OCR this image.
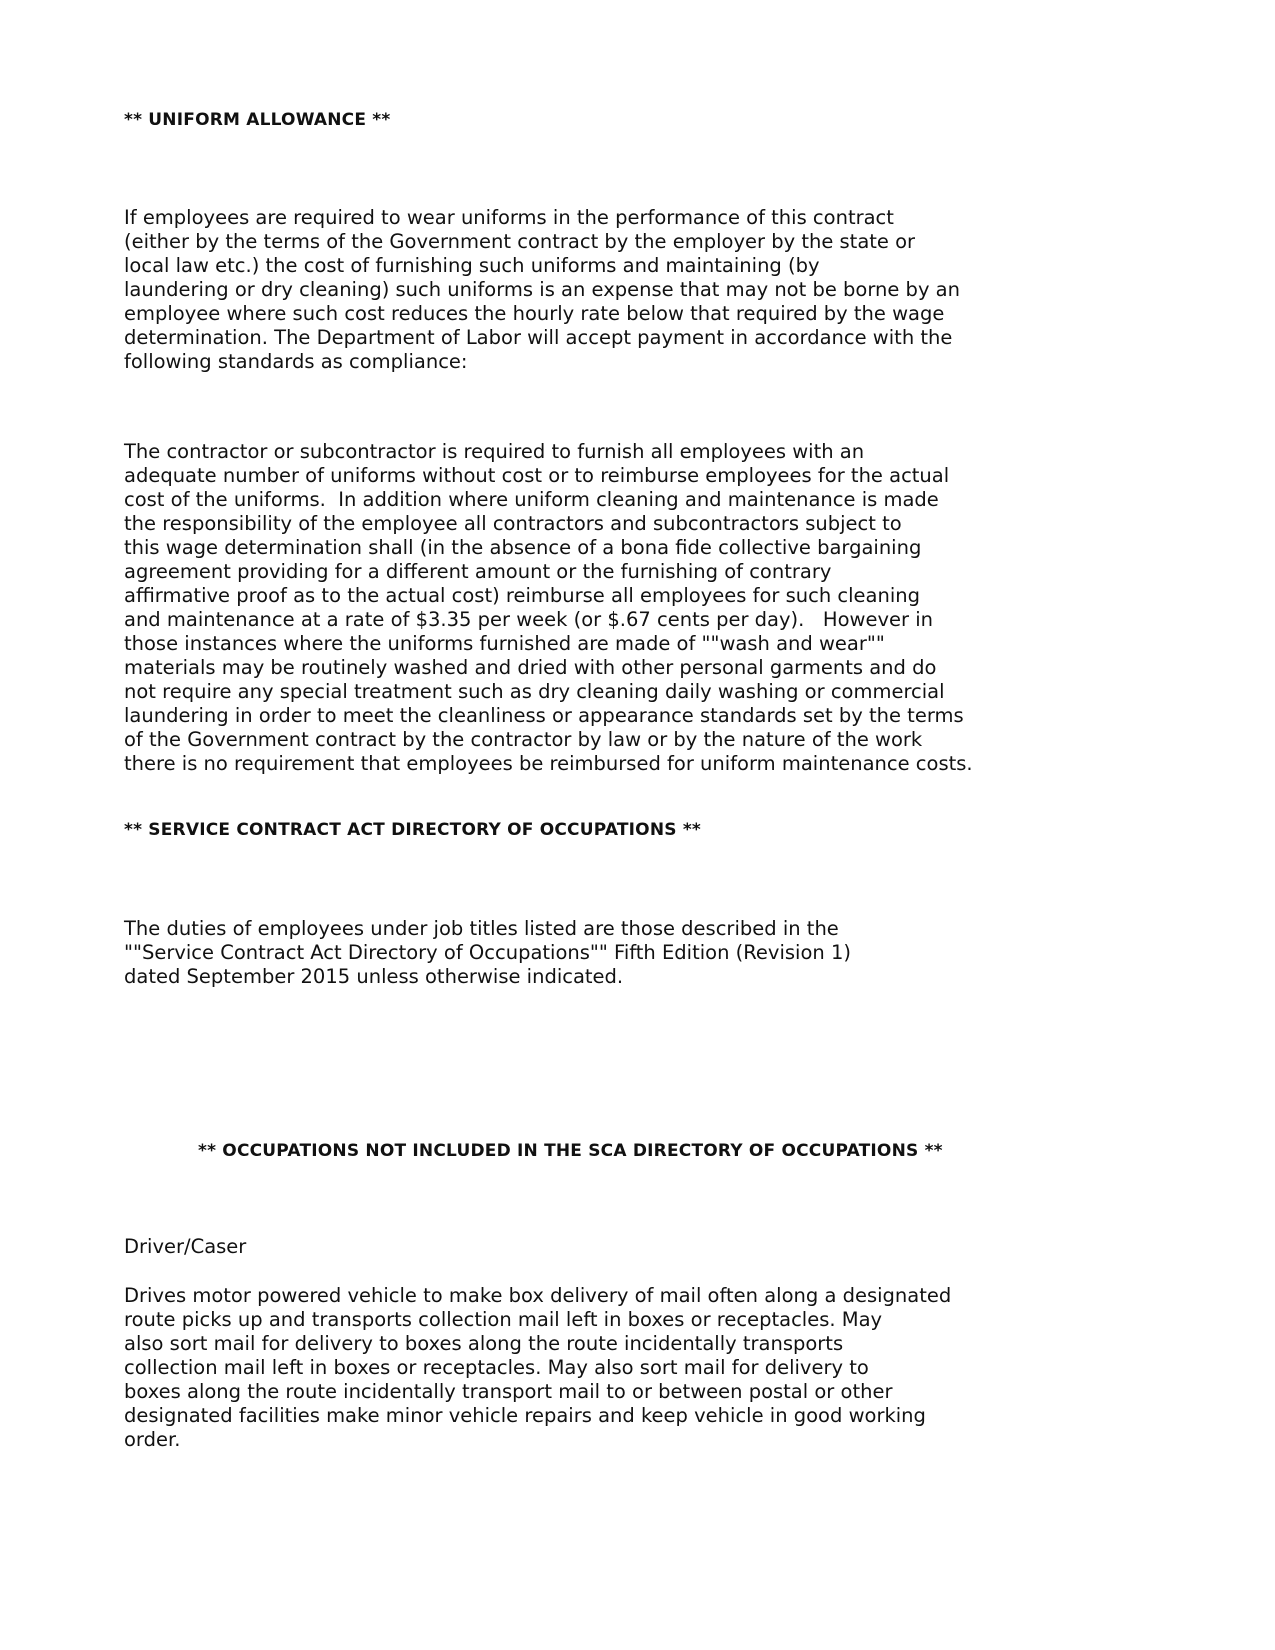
** UNIFORM ALLOWANCE **
If employees are required to wear uniforms in the performance of this contract
(either by the terms of the Government contract by the employer by the state or
local law etc.) the cost of furnishing such uniforms and maintaining (by
laundering or dry cleaning) such uniforms is an expense that may not be borne by an
employee where such cost reduces the hourly rate below that required by the wage
determination. The Department of Labor will accept payment in accordance with the
following standards as compliance:
The contractor or subcontractor is required to furnish all employees with an
adequate number of uniforms without cost or to reimburse employees for the actual
cost of the uniforms.  In addition where uniform cleaning and maintenance is made
the responsibility of the employee all contractors and subcontractors subject to
this wage determination shall (in the absence of a bona fide collective bargaining
agreement providing for a different amount or the furnishing of contrary
affirmative proof as to the actual cost) reimburse all employees for such cleaning
and maintenance at a rate of $3.35 per week (or $.67 cents per day).   However in
those instances where the uniforms furnished are made of ""wash and wear""
materials may be routinely washed and dried with other personal garments and do
not require any special treatment such as dry cleaning daily washing or commercial
laundering in order to meet the cleanliness or appearance standards set by the terms
of the Government contract by the contractor by law or by the nature of the work
there is no requirement that employees be reimbursed for uniform maintenance costs.
** SERVICE CONTRACT ACT DIRECTORY OF OCCUPATIONS **
The duties of employees under job titles listed are those described in the
""Service Contract Act Directory of Occupations"" Fifth Edition (Revision 1)
dated September 2015 unless otherwise indicated.
** OCCUPATIONS NOT INCLUDED IN THE SCA DIRECTORY OF OCCUPATIONS **
Driver/Caser
Drives motor powered vehicle to make box delivery of mail often along a designated
route picks up and transports collection mail left in boxes or receptacles. May
also sort mail for delivery to boxes along the route incidentally transports
collection mail left in boxes or receptacles. May also sort mail for delivery to
boxes along the route incidentally transport mail to or between postal or other
designated facilities make minor vehicle repairs and keep vehicle in good working
order.
